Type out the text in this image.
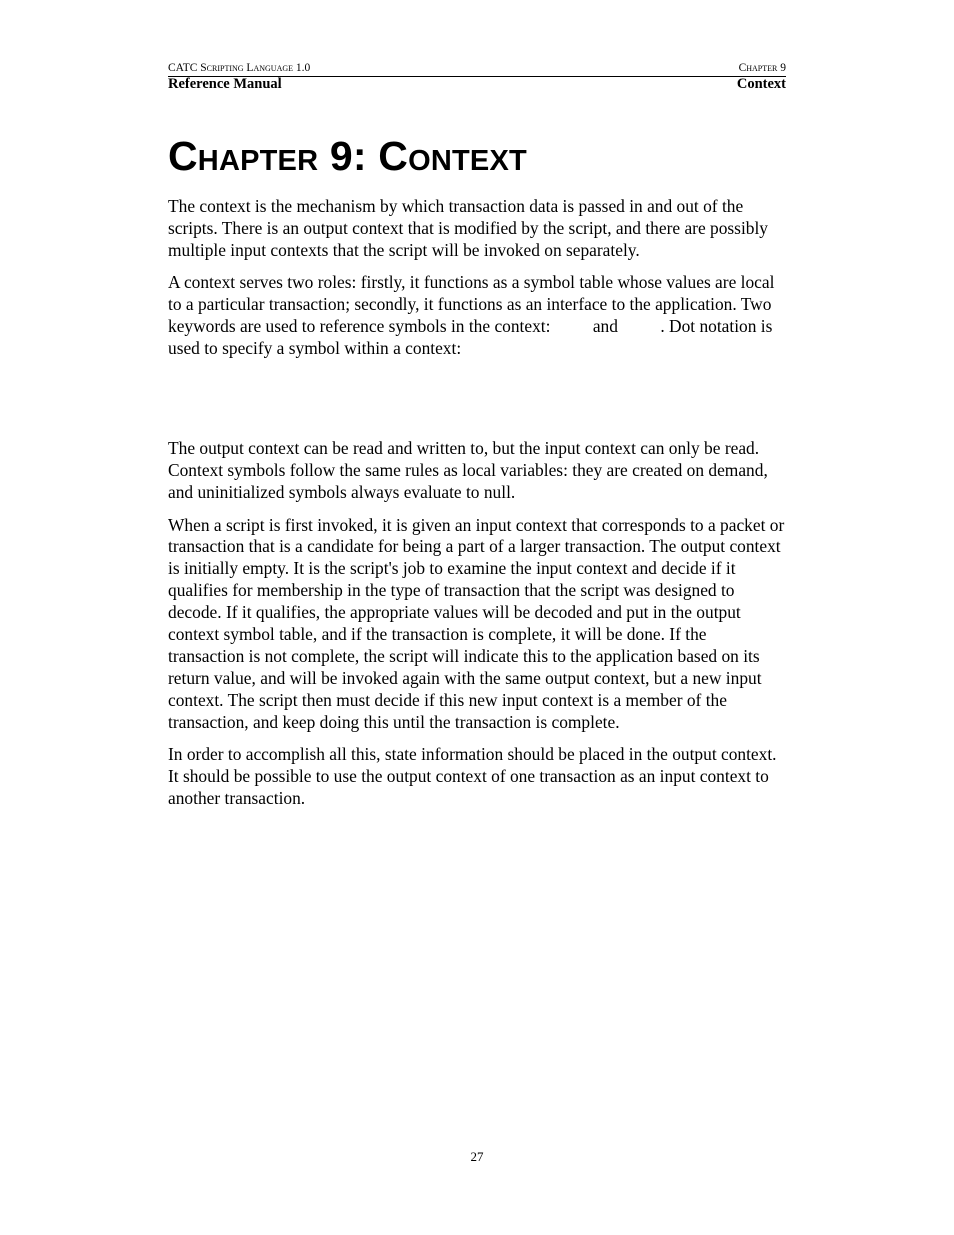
CATC Scripting Language 1.0	Chapter 9
Reference Manual	Context
Chapter 9: Context

The context is the mechanism by which transaction data is passed in and out of the scripts. There is an output context that is modified by the script, and there are possibly multiple input contexts that the script will be invoked on separately.

A context serves two roles: firstly, it functions as a symbol table whose values are local to a particular transaction; secondly, it functions as an interface to the application. Two keywords are used to reference symbols in the context: and . Dot notation is used to specify a symbol within a context:

The output context can be read and written to, but the input context can only be read. Context symbols follow the same rules as local variables: they are created on demand, and uninitialized symbols always evaluate to null.

When a script is first invoked, it is given an input context that corresponds to a packet or transaction that is a candidate for being a part of a larger transaction. The output context is initially empty. It is the script's job to examine the input context and decide if it qualifies for membership in the type of transaction that the script was designed to decode. If it qualifies, the appropriate values will be decoded and put in the output context symbol table, and if the transaction is complete, it will be done. If the transaction is not complete, the script will indicate this to the application based on its return value, and will be invoked again with the same output context, but a new input context. The script then must decide if this new input context is a member of the transaction, and keep doing this until the transaction is complete.

In order to accomplish all this, state information should be placed in the output context. It should be possible to use the output context of one transaction as an input context to another transaction.

27
